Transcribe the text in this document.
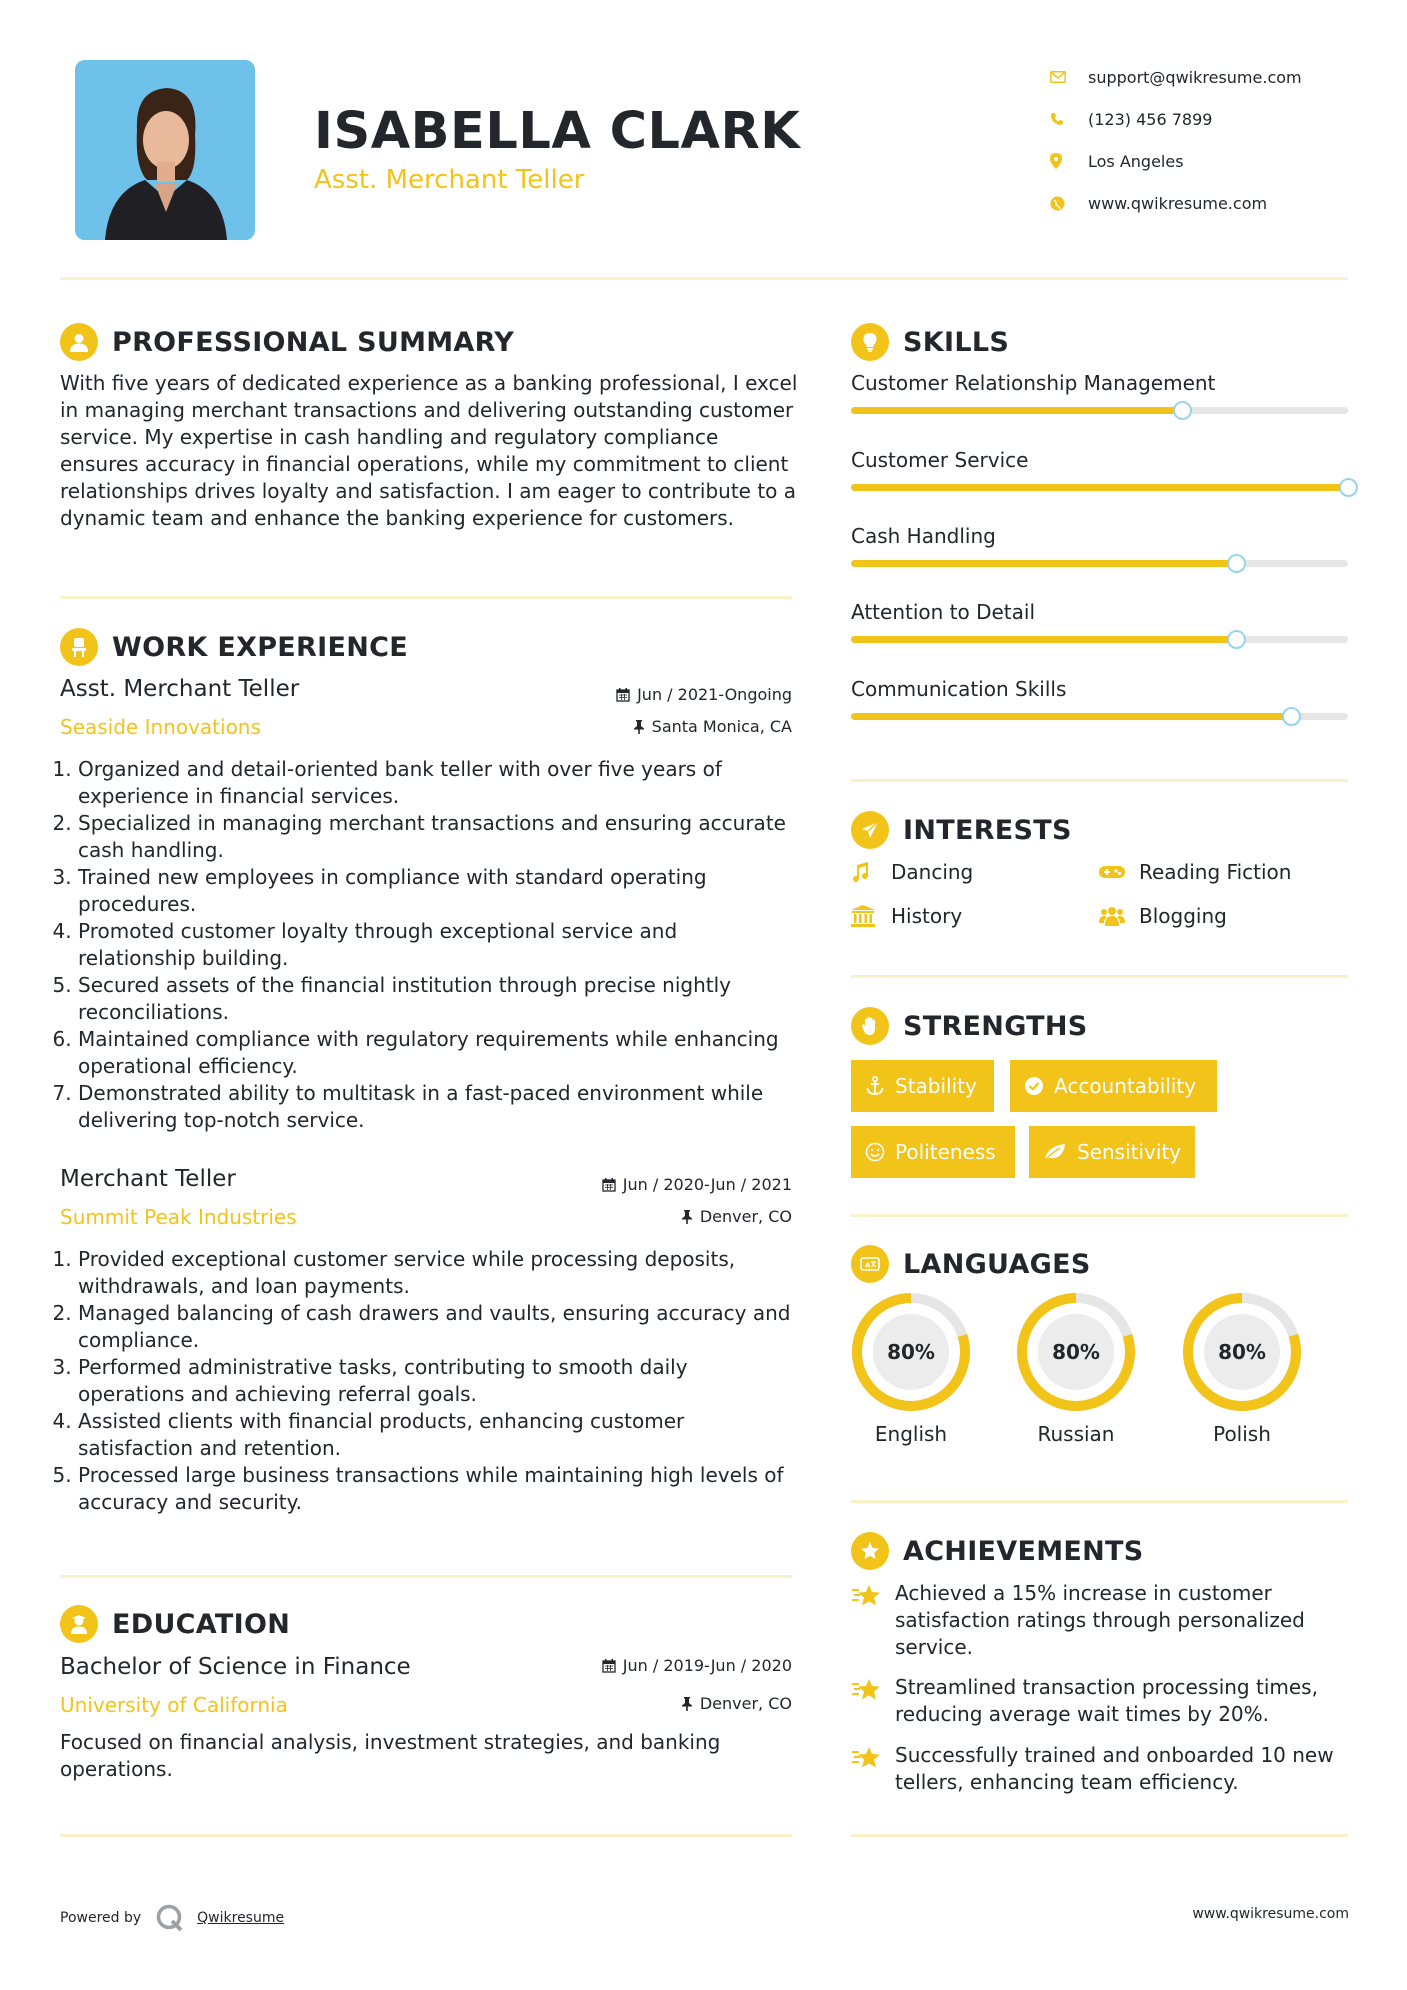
ISABELLA CLARK
Asst. Merchant Teller
support@qwikresume.com
(123) 456 7899
Los Angeles
www.qwikresume.com
PROFESSIONAL SUMMARY
With five years of dedicated experience as a banking professional, I excel in managing merchant transactions and delivering outstanding customer service. My expertise in cash handling and regulatory compliance ensures accuracy in financial operations, while my commitment to client relationships drives loyalty and satisfaction. I am eager to contribute to a dynamic team and enhance the banking experience for customers.
WORK EXPERIENCE
Asst. Merchant Teller	Jun / 2021-Ongoing
Seaside Innovations	Santa Monica, CA
1. Organized and detail-oriented bank teller with over five years of experience in financial services.
2. Specialized in managing merchant transactions and ensuring accurate cash handling.
3. Trained new employees in compliance with standard operating procedures.
4. Promoted customer loyalty through exceptional service and relationship building.
5. Secured assets of the financial institution through precise nightly reconciliations.
6. Maintained compliance with regulatory requirements while enhancing operational efficiency.
7. Demonstrated ability to multitask in a fast-paced environment while delivering top-notch service.
Merchant Teller	Jun / 2020-Jun / 2021
Summit Peak Industries	Denver, CO
1. Provided exceptional customer service while processing deposits, withdrawals, and loan payments.
2. Managed balancing of cash drawers and vaults, ensuring accuracy and compliance.
3. Performed administrative tasks, contributing to smooth daily operations and achieving referral goals.
4. Assisted clients with financial products, enhancing customer satisfaction and retention.
5. Processed large business transactions while maintaining high levels of accuracy and security.
EDUCATION
Bachelor of Science in Finance	Jun / 2019-Jun / 2020
University of California	Denver, CO
Focused on financial analysis, investment strategies, and banking operations.
SKILLS
Customer Relationship Management
Customer Service
Cash Handling
Attention to Detail
Communication Skills
INTERESTS
Dancing	Reading Fiction
History	Blogging
STRENGTHS
Stability	Accountability
Politeness	Sensitivity
A LANGUAGES
80%
English
80%
Russian
80%
Polish
ACHIEVEMENTS
Achieved a 15% increase in customer satisfaction ratings through personalized service.
Streamlined transaction processing times, reducing average wait times by 20%.
Successfully trained and onboarded 10 new tellers, enhancing team efficiency.
Powered by	Qwikresume	www.qwikresume.com
